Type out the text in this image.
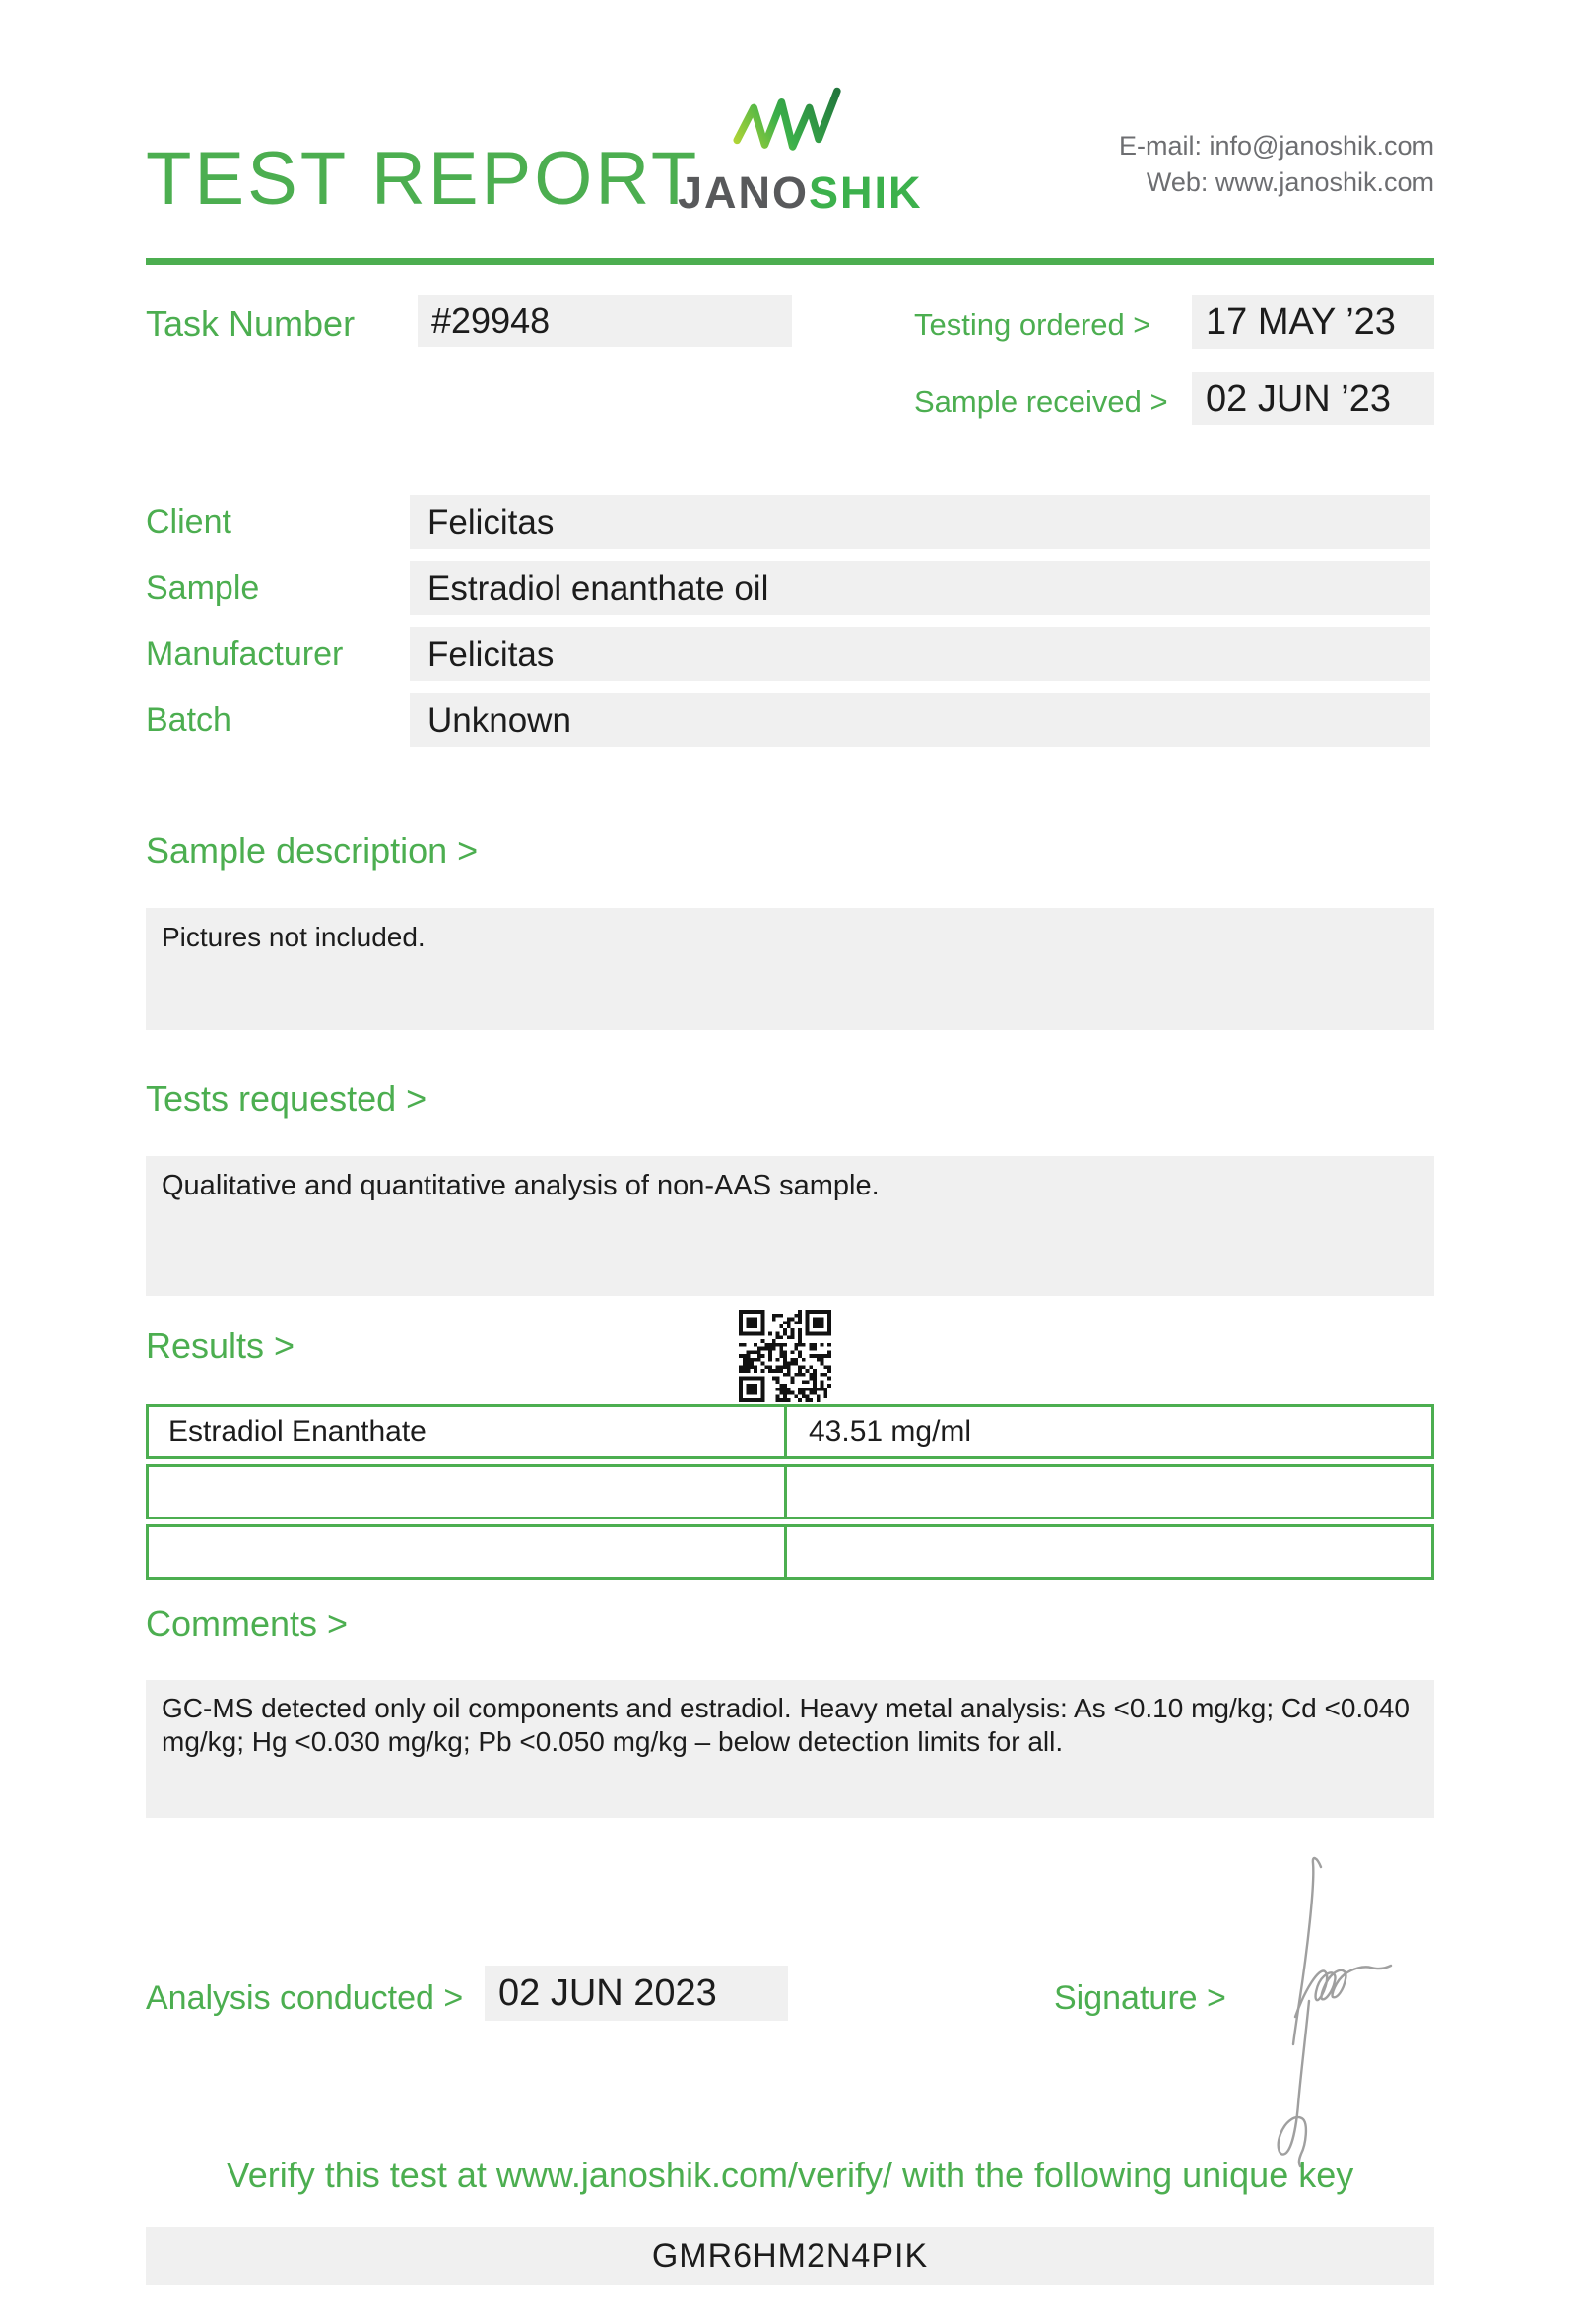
TEST REPORT
JANOSHIK
E-mail: info@janoshik.com
Web: www.janoshik.com
Task Number	#29948	Testing ordered >	17 MAY ’23
Sample received >	02 JUN ’23
Client	Felicitas
Sample	Estradiol enanthate oil
Manufacturer	Felicitas
Batch	Unknown
Sample description >
Pictures not included.
Tests requested >
Qualitative and quantitative analysis of non-AAS sample.
Results >
Estradiol Enanthate	43.51 mg/ml
Comments >
GC-MS detected only oil components and estradiol. Heavy metal analysis: As <0.10 mg/kg; Cd <0.040 mg/kg; Hg <0.030 mg/kg; Pb <0.050 mg/kg – below detection limits for all.
Analysis conducted > 02 JUN 2023	Signature >
Verify this test at www.janoshik.com/verify/ with the following unique key
GMR6HM2N4PIK
